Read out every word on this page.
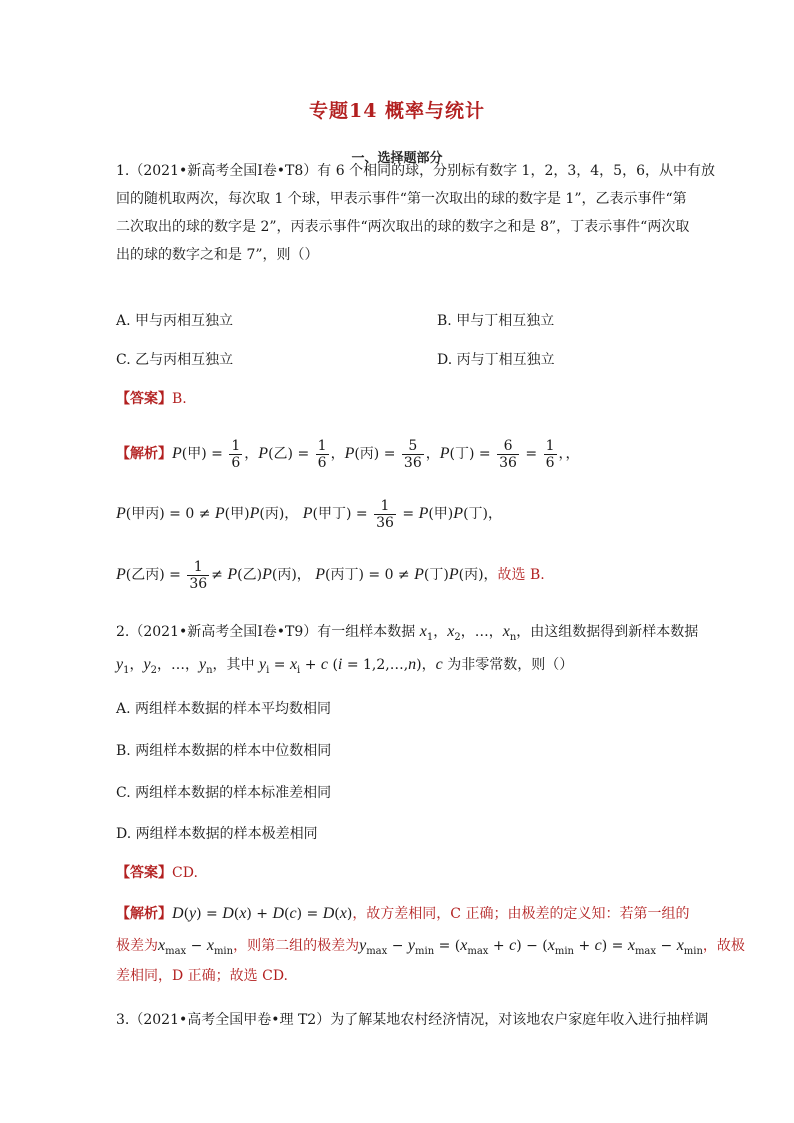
专题14 概率与统计
一、选择题部分
1.（2021•新高考全国Ⅰ卷•T8）有 6 个相同的球，分别标有数字 1，2，3，4，5，6，从中有放
回的随机取两次，每次取 1 个球，甲表示事件“第一次取出的球的数字是 1”，乙表示事件“第
二次取出的球的数字是 2”，丙表示事件“两次取出的球的数字之和是 8”，丁表示事件“两次取
出的球的数字之和是 7”，则（）
A. 甲与丙相互独立	B. 甲与丁相互独立
C. 乙与丙相互独立	D. 丙与丁相互独立
【答案】B.
【解析】P(甲) = $\frac{1}{6}$ ，P(乙) = $\frac{1}{6}$ ，P(丙) = $\frac{5}{36}$ ，P(丁) = $\frac{6}{36} = \frac{1}{6}$ ，，
P(甲丙) = 0 ≠ P(甲)P(丙)， P(甲丁) = $\frac{1}{36} = P$(甲)P(丁)，
P(乙丙) = $\frac{1}{36} \ne P$(乙)P(丙)， P(丙丁) = 0 ≠ P(丁)P(丙)，故选 B.
2.（2021•新高考全国Ⅰ卷•T9）有一组样本数据 $x_1$，$x_2$，…，$x_n$，由这组数据得到新样本数据
$y_1$，$y_2$，…，$y_n$，其中 $y_i = x_i + c$ (i = 1,2,…,n)，c 为非零常数，则（）
A. 两组样本数据的样本平均数相同
B. 两组样本数据的样本中位数相同
C. 两组样本数据的样本标准差相同
D. 两组样本数据的样本极差相同
【答案】CD.
【解析】D(y) = D(x) + D(c) = D(x)，故方差相同，C 正确；由极差的定义知：若第一组的
极差为$x_{max} - x_{min}$，则第二组的极差为$y_{max} - y_{min} = (x_{max} + c) - (x_{min} + c) = x_{max} - x_{min}$，故极
差相同，D 正确；故选 CD.
3.（2021•高考全国甲卷•理 T2）为了解某地农村经济情况，对该地农户家庭年收入进行抽样调
